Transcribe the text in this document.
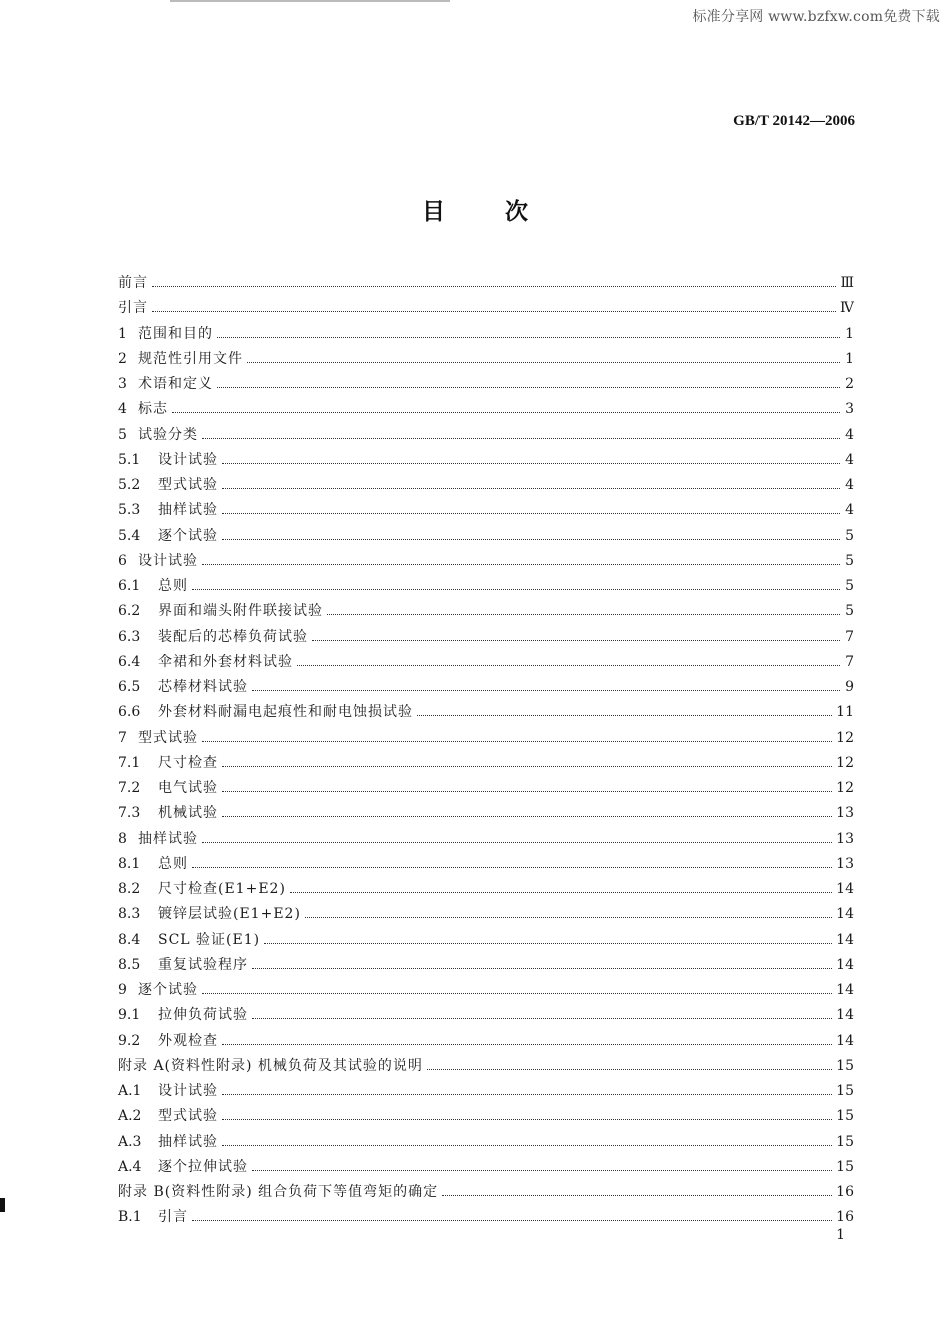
标准分享网 www.bzfxw.com免费下载
GB/T 20142—2006
目 次
前言	Ⅲ
引言	Ⅳ
1 范围和目的	1
2 规范性引用文件	1
3 术语和定义	2
4 标志	3
5 试验分类	4
5.1	设计试验	4
5.2	型式试验	4
5.3	抽样试验	4
5.4	逐个试验	5
6 设计试验	5
6.1	总则	5
6.2	界面和端头附件联接试验	5
6.3	装配后的芯棒负荷试验	7
6.4	伞裙和外套材料试验	7
6.5	芯棒材料试验	9
6.6	外套材料耐漏电起痕性和耐电蚀损试验	11
7 型式试验	12
7.1	尺寸检查	12
7.2	电气试验	12
7.3	机械试验	13
8 抽样试验	13
8.1	总则	13
8.2	尺寸检查(E1+E2)	14
8.3	镀锌层试验(E1+E2)	14
8.4	SCL 验证(E1)	14
8.5	重复试验程序	14
9 逐个试验	14
9.1	拉伸负荷试验	14
9.2	外观检查	14
附录 A(资料性附录) 机械负荷及其试验的说明	15
A.1	设计试验	15
A.2	型式试验	15
A.3	抽样试验	15
A.4	逐个拉伸试验	15
附录 B(资料性附录) 组合负荷下等值弯矩的确定	16
B.1	引言	16
1
